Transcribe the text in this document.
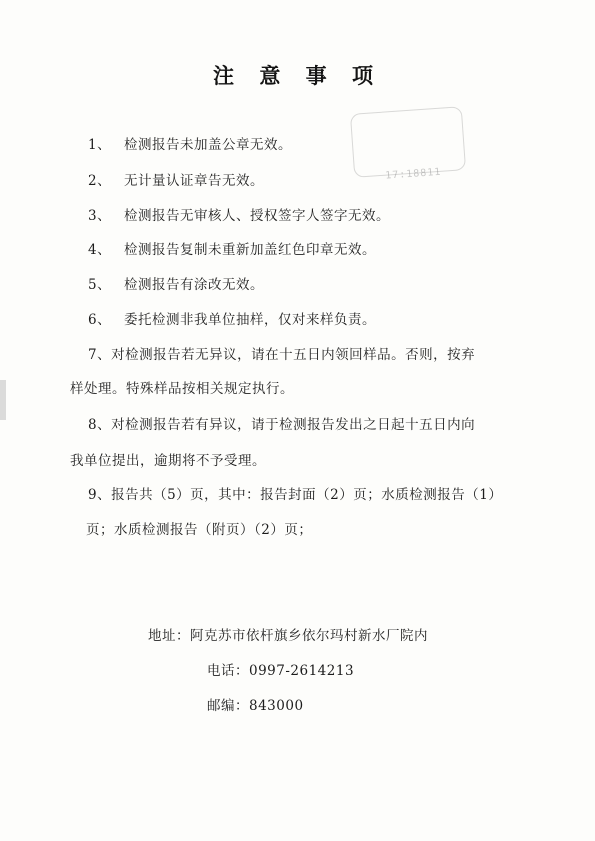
17:18811
注 意 事 项
1、 检测报告未加盖公章无效。
2、 无计量认证章告无效。
3、 检测报告无审核人、授权签字人签字无效。
4、 检测报告复制未重新加盖红色印章无效。
5、 检测报告有涂改无效。
6、 委托检测非我单位抽样，仅对来样负责。
7、对检测报告若无异议，请在十五日内领回样品。否则，按弃
样处理。特殊样品按相关规定执行。
8、对检测报告若有异议，请于检测报告发出之日起十五日内向
我单位提出，逾期将不予受理。
9、报告共（5）页，其中：报告封面（2）页；水质检测报告（1）
页；水质检测报告（附页）（2）页；
地址：阿克苏市依杆旗乡依尔玛村新水厂院内
电话：0997-2614213
邮编：843000
